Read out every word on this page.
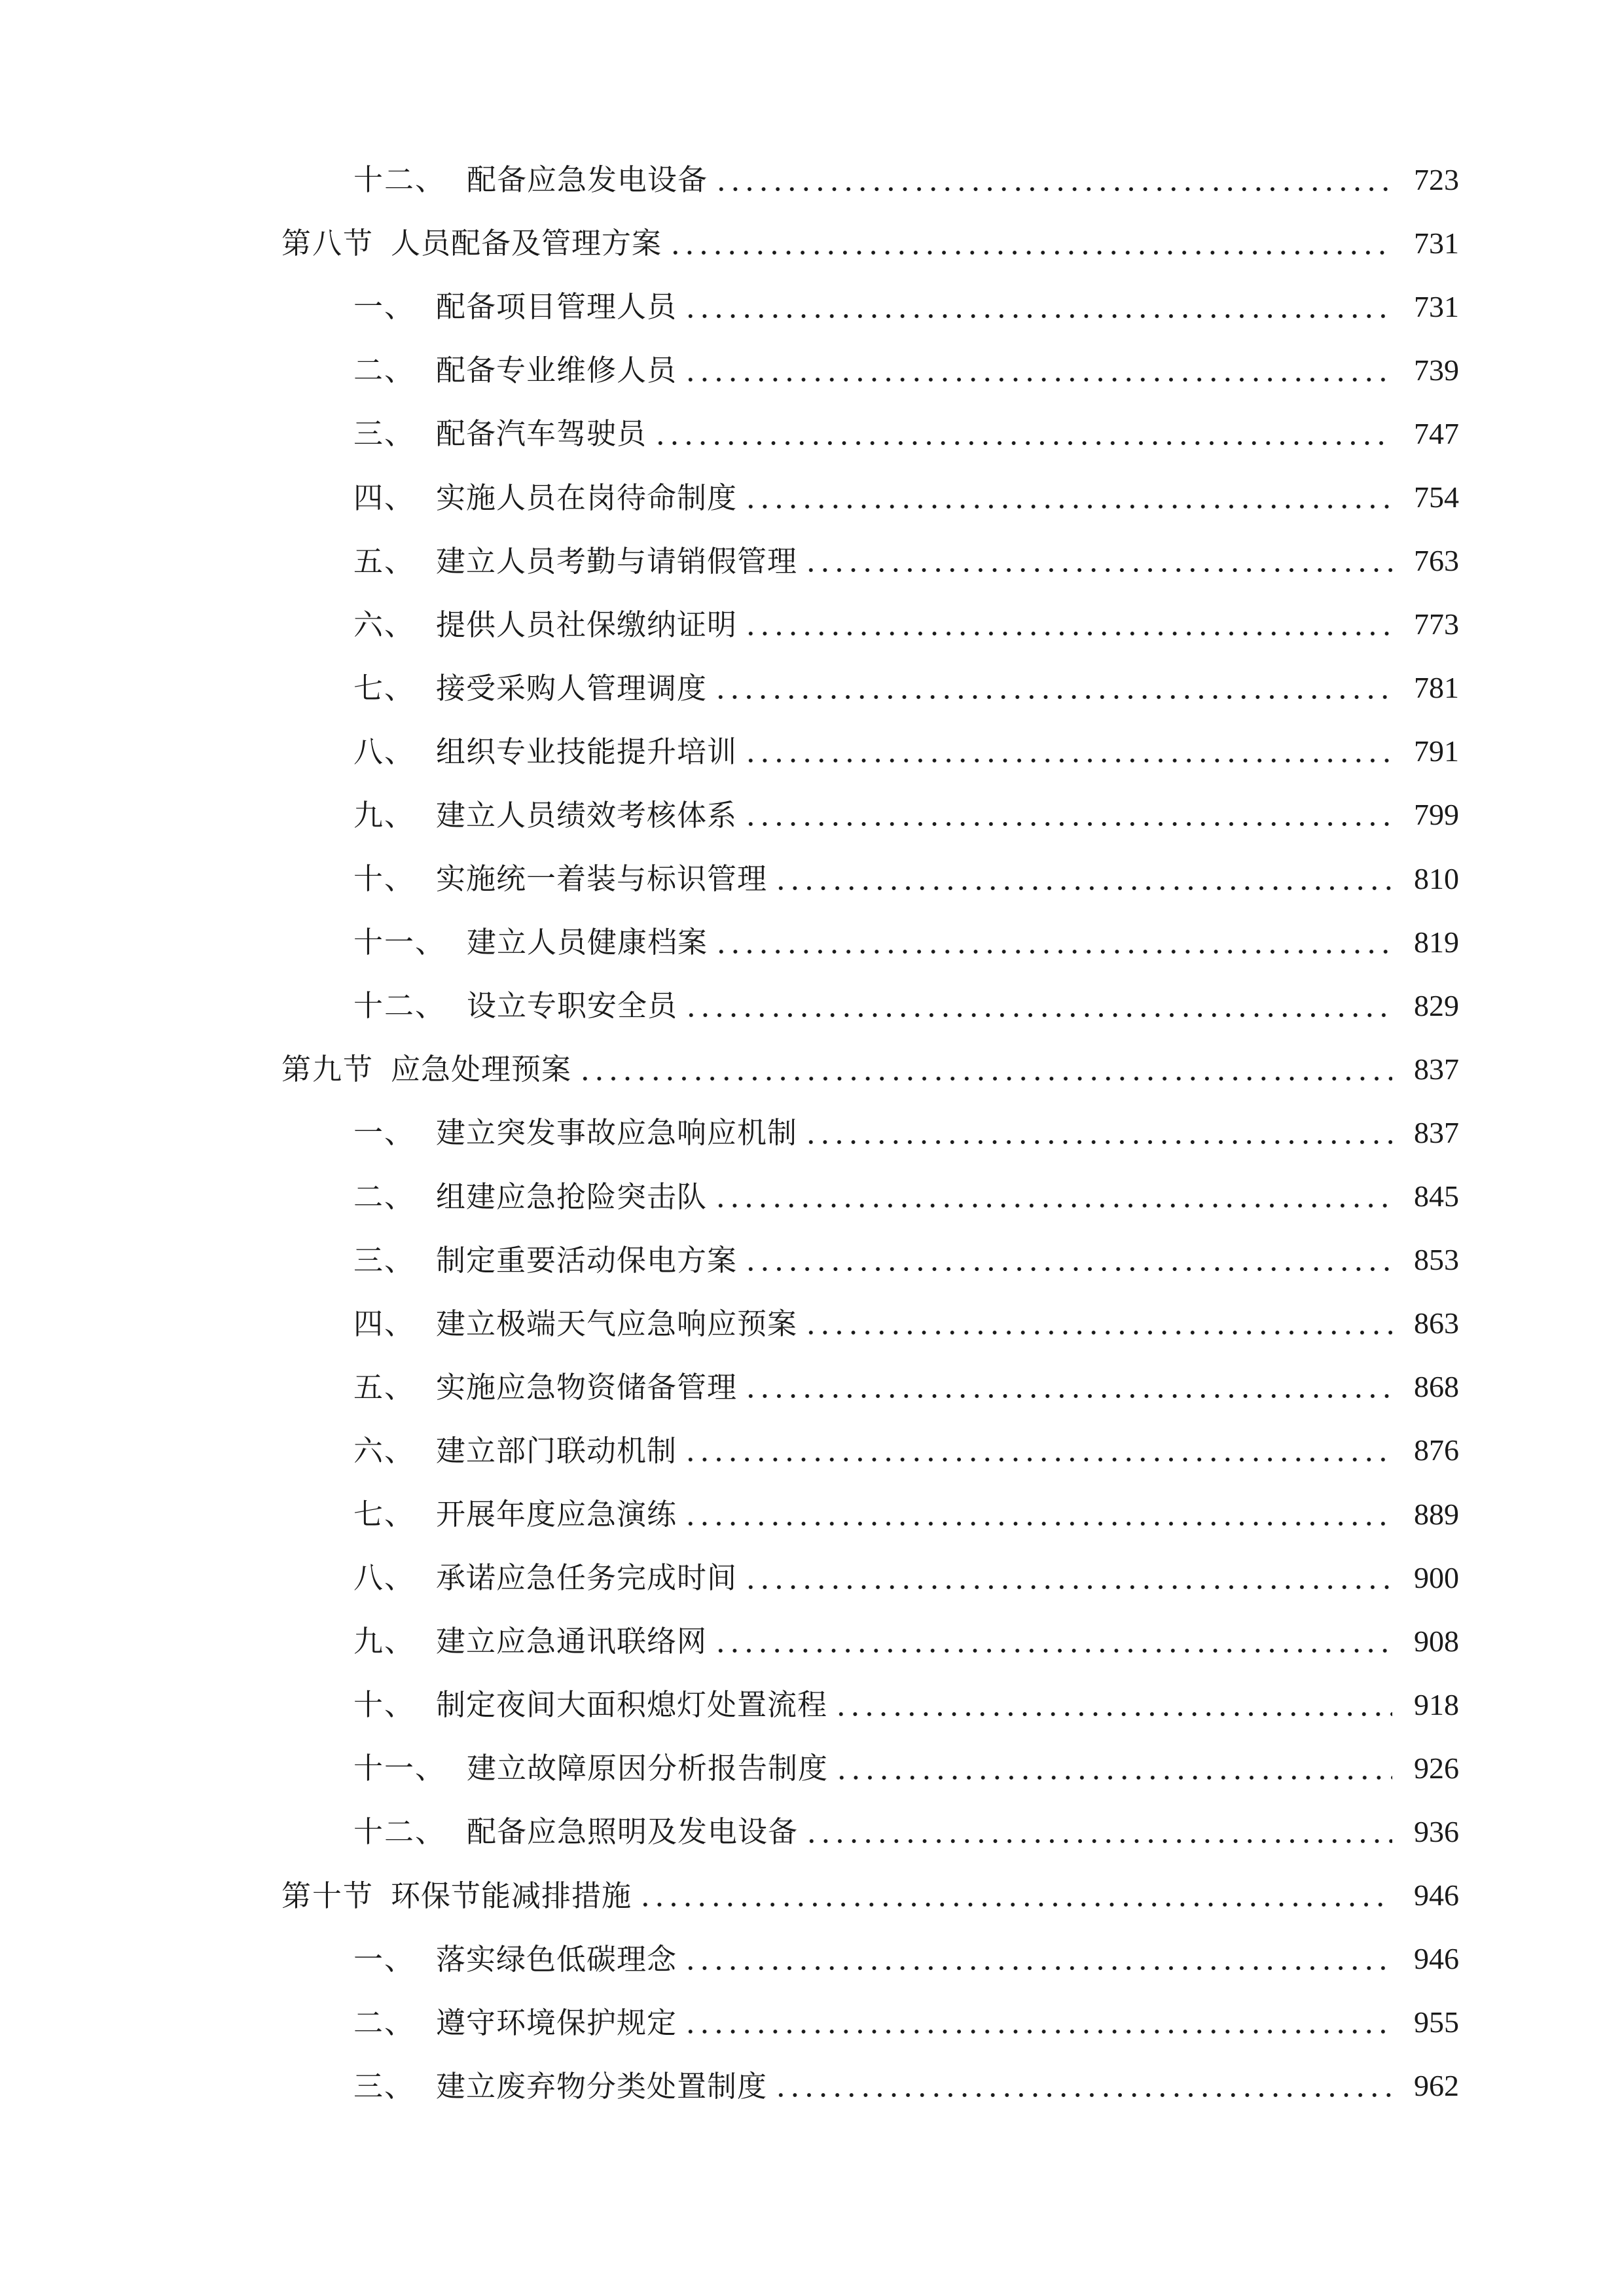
十二、 配备应急发电设备	723
第八节 人员配备及管理方案	731
一、 配备项目管理人员	731
二、 配备专业维修人员	739
三、 配备汽车驾驶员	747
四、 实施人员在岗待命制度	754
五、 建立人员考勤与请销假管理	763
六、 提供人员社保缴纳证明	773
七、 接受采购人管理调度	781
八、 组织专业技能提升培训	791
九、 建立人员绩效考核体系	799
十、 实施统一着装与标识管理	810
十一、 建立人员健康档案	819
十二、 设立专职安全员	829
第九节 应急处理预案	837
一、 建立突发事故应急响应机制	837
二、 组建应急抢险突击队	845
三、 制定重要活动保电方案	853
四、 建立极端天气应急响应预案	863
五、 实施应急物资储备管理	868
六、 建立部门联动机制	876
七、 开展年度应急演练	889
八、 承诺应急任务完成时间	900
九、 建立应急通讯联络网	908
十、 制定夜间大面积熄灯处置流程	918
十一、 建立故障原因分析报告制度	926
十二、 配备应急照明及发电设备	936
第十节 环保节能减排措施	946
一、 落实绿色低碳理念	946
二、 遵守环境保护规定	955
三、 建立废弃物分类处置制度	962
